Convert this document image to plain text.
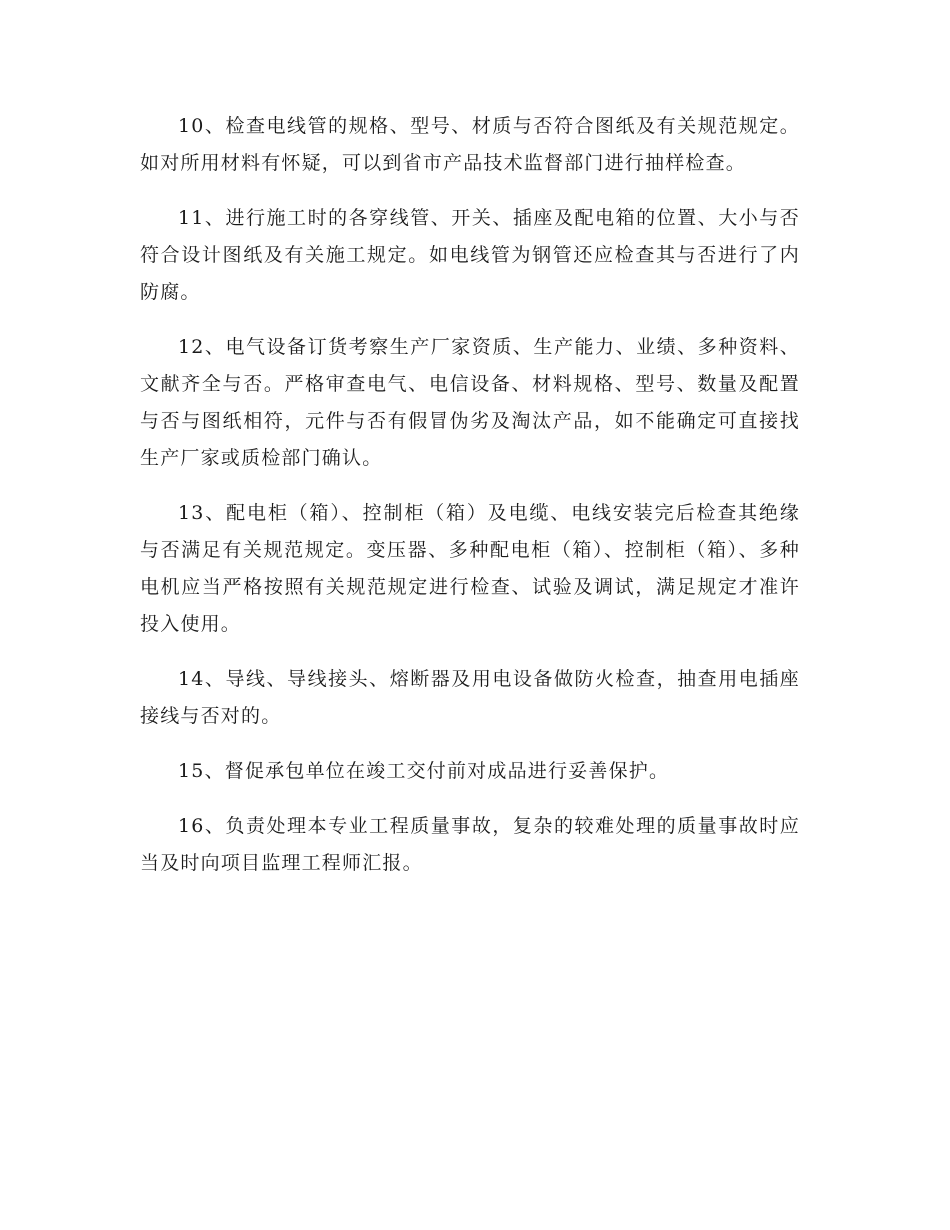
10、检查电线管的规格、型号、材质与否符合图纸及有关规范规定。如对所用材料有怀疑，可以到省市产品技术监督部门进行抽样检查。

11、进行施工时的各穿线管、开关、插座及配电箱的位置、大小与否符合设计图纸及有关施工规定。如电线管为钢管还应检查其与否进行了内防腐。

12、电气设备订货考察生产厂家资质、生产能力、业绩、多种资料、文献齐全与否。严格审查电气、电信设备、材料规格、型号、数量及配置与否与图纸相符，元件与否有假冒伪劣及淘汰产品，如不能确定可直接找生产厂家或质检部门确认。

13、配电柜（箱）、控制柜（箱）及电缆、电线安装完后检查其绝缘与否满足有关规范规定。变压器、多种配电柜（箱）、控制柜（箱）、多种电机应当严格按照有关规范规定进行检查、试验及调试，满足规定才准许投入使用。

14、导线、导线接头、熔断器及用电设备做防火检查，抽查用电插座接线与否对的。

15、督促承包单位在竣工交付前对成品进行妥善保护。

16、负责处理本专业工程质量事故，复杂的较难处理的质量事故时应当及时向项目监理工程师汇报。
